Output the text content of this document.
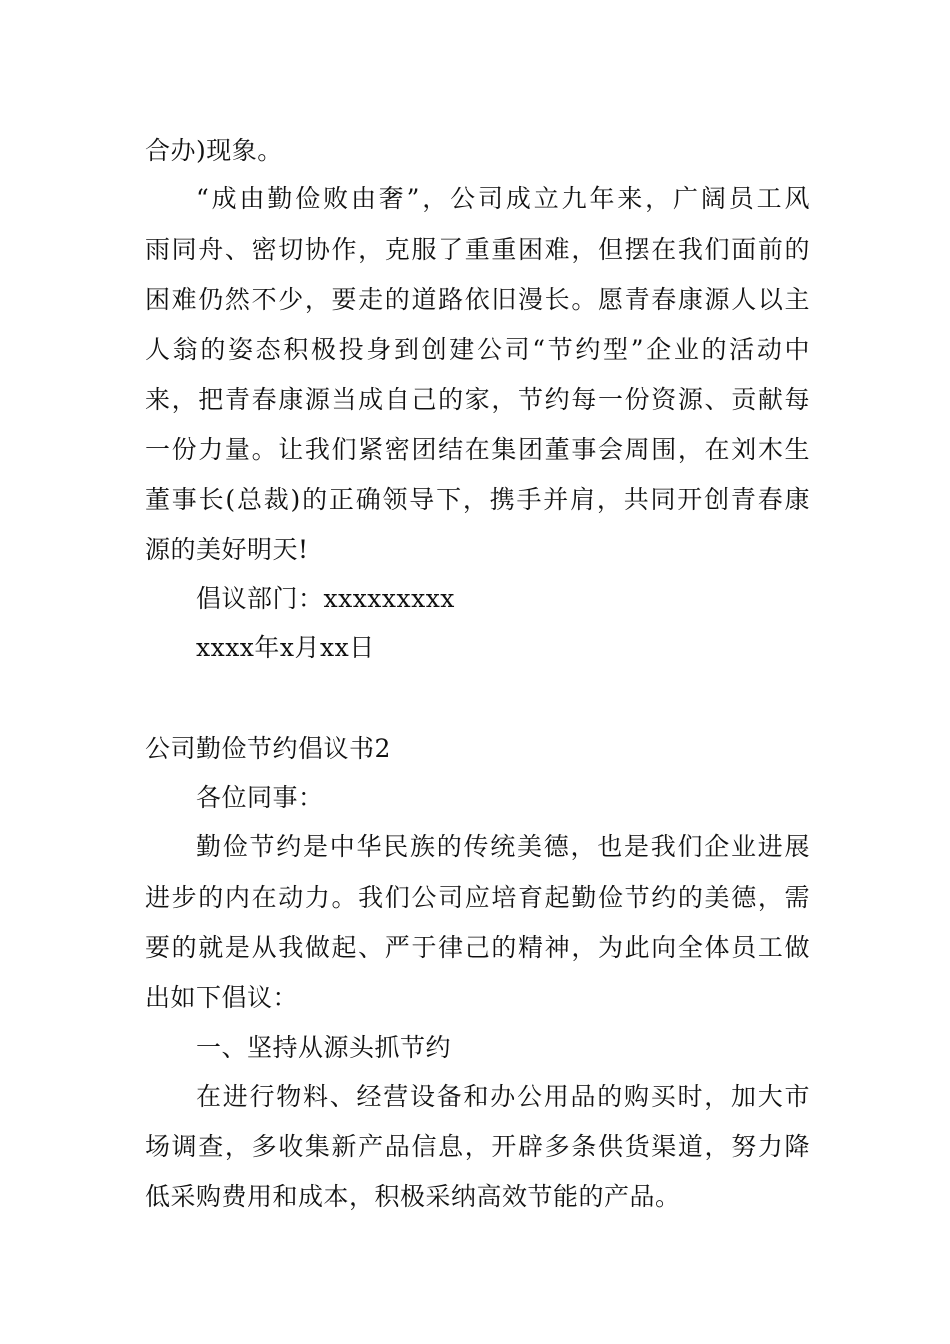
合办)现象。
“成由勤俭败由奢”，公司成立九年来，广阔员工风
雨同舟、密切协作，克服了重重困难，但摆在我们面前的
困难仍然不少，要走的道路依旧漫长。愿青春康源人以主
人翁的姿态积极投身到创建公司“节约型”企业的活动中
来，把青春康源当成自己的家，节约每一份资源、贡献每
一份力量。让我们紧密团结在集团董事会周围，在刘木生
董事长(总裁)的正确领导下，携手并肩，共同开创青春康
源的美好明天!
倡议部门：xxxxxxxxx
xxxx年x月xx日
公司勤俭节约倡议书2
各位同事：
勤俭节约是中华民族的传统美德，也是我们企业进展
进步的内在动力。我们公司应培育起勤俭节约的美德，需
要的就是从我做起、严于律己的精神，为此向全体员工做
出如下倡议：
一、坚持从源头抓节约
在进行物料、经营设备和办公用品的购买时，加大市
场调查，多收集新产品信息，开辟多条供货渠道，努力降
低采购费用和成本，积极采纳高效节能的产品。
